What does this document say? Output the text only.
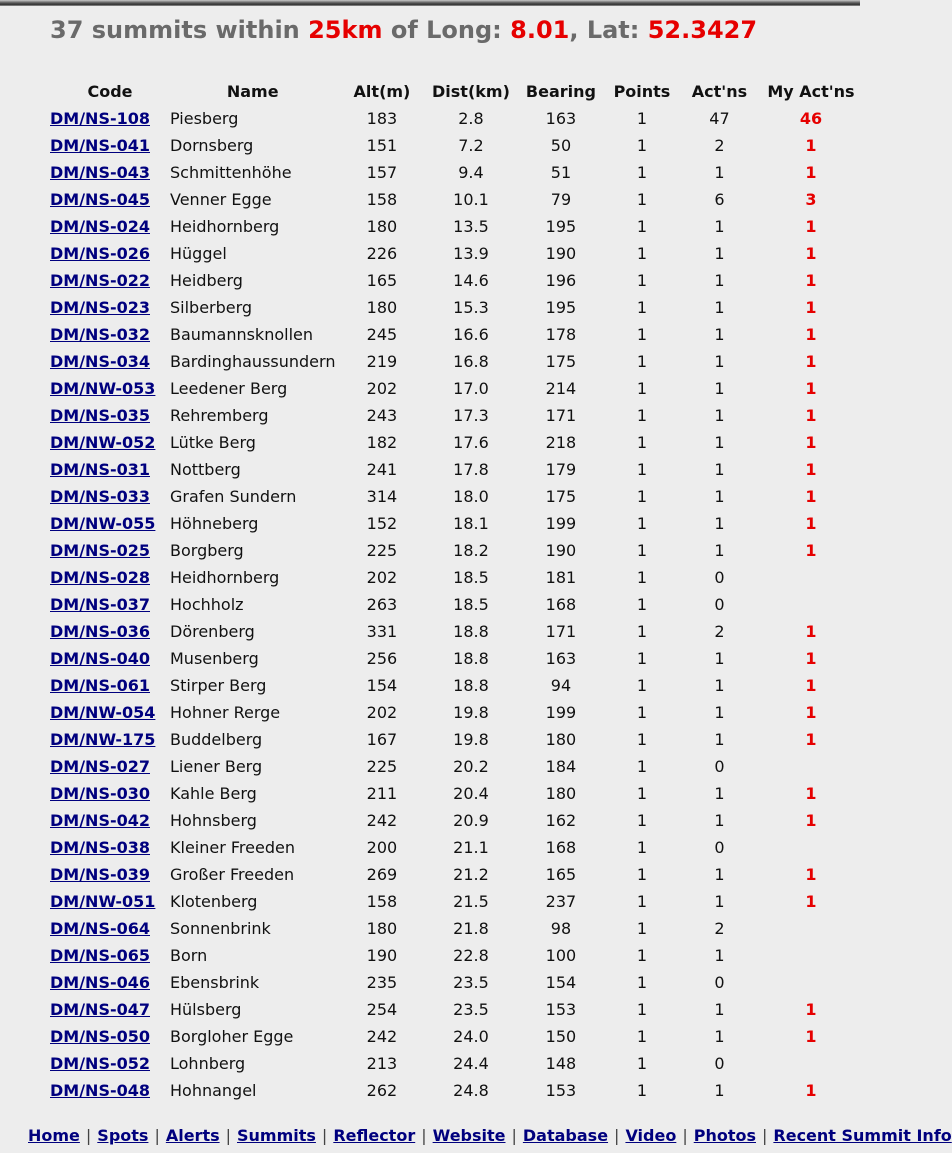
37 summits within 25km of Long: 8.01, Lat: 52.3427
Code	Name	Alt(m)	Dist(km)	Bearing	Points	Act'ns	My Act'ns
DM/NS-108	Piesberg	183	2.8	163	1	47	46
DM/NS-041	Dornsberg	151	7.2	50	1	2	1
DM/NS-043	Schmittenhöhe	157	9.4	51	1	1	1
DM/NS-045	Venner Egge	158	10.1	79	1	6	3
DM/NS-024	Heidhornberg	180	13.5	195	1	1	1
DM/NS-026	Hüggel	226	13.9	190	1	1	1
DM/NS-022	Heidberg	165	14.6	196	1	1	1
DM/NS-023	Silberberg	180	15.3	195	1	1	1
DM/NS-032	Baumannsknollen	245	16.6	178	1	1	1
DM/NS-034	Bardinghaussundern	219	16.8	175	1	1	1
DM/NW-053	Leedener Berg	202	17.0	214	1	1	1
DM/NS-035	Rehremberg	243	17.3	171	1	1	1
DM/NW-052	Lütke Berg	182	17.6	218	1	1	1
DM/NS-031	Nottberg	241	17.8	179	1	1	1
DM/NS-033	Grafen Sundern	314	18.0	175	1	1	1
DM/NW-055	Höhneberg	152	18.1	199	1	1	1
DM/NS-025	Borgberg	225	18.2	190	1	1	1
DM/NS-028	Heidhornberg	202	18.5	181	1	0	
DM/NS-037	Hochholz	263	18.5	168	1	0	
DM/NS-036	Dörenberg	331	18.8	171	1	2	1
DM/NS-040	Musenberg	256	18.8	163	1	1	1
DM/NS-061	Stirper Berg	154	18.8	94	1	1	1
DM/NW-054	Hohner Rerge	202	19.8	199	1	1	1
DM/NW-175	Buddelberg	167	19.8	180	1	1	1
DM/NS-027	Liener Berg	225	20.2	184	1	0	
DM/NS-030	Kahle Berg	211	20.4	180	1	1	1
DM/NS-042	Hohnsberg	242	20.9	162	1	1	1
DM/NS-038	Kleiner Freeden	200	21.1	168	1	0	
DM/NS-039	Großer Freeden	269	21.2	165	1	1	1
DM/NW-051	Klotenberg	158	21.5	237	1	1	1
DM/NS-064	Sonnenbrink	180	21.8	98	1	2	
DM/NS-065	Born	190	22.8	100	1	1	
DM/NS-046	Ebensbrink	235	23.5	154	1	0	
DM/NS-047	Hülsberg	254	23.5	153	1	1	1
DM/NS-050	Borgloher Egge	242	24.0	150	1	1	1
DM/NS-052	Lohnberg	213	24.4	148	1	0	
DM/NS-048	Hohnangel	262	24.8	153	1	1	1
Home | Spots | Alerts | Summits | Reflector | Website | Database | Video | Photos | Recent Summit Info
